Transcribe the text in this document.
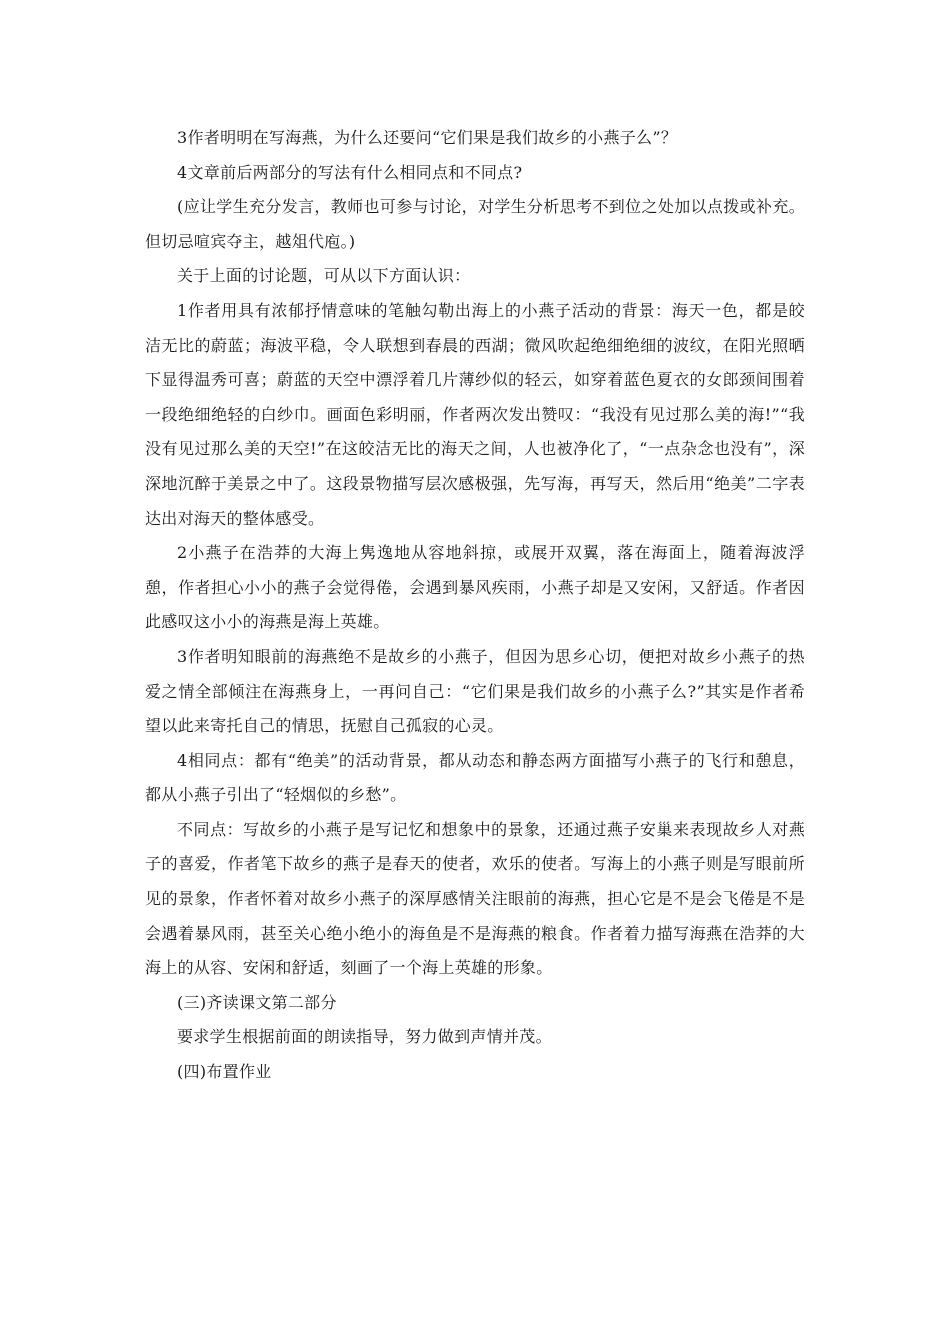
3作者明明在写海燕，为什么还要问“它们果是我们故乡的小燕子么”？

4文章前后两部分的写法有什么相同点和不同点?

(应让学生充分发言，教师也可参与讨论，对学生分析思考不到位之处加以点拨或补充。但切忌喧宾夺主，越俎代庖。)

关于上面的讨论题，可从以下方面认识：

1作者用具有浓郁抒情意味的笔触勾勒出海上的小燕子活动的背景：海天一色，都是皎洁无比的蔚蓝；海波平稳，令人联想到春晨的西湖；微风吹起绝细绝细的波纹，在阳光照晒下显得温秀可喜；蔚蓝的天空中漂浮着几片薄纱似的轻云，如穿着蓝色夏衣的女郎颈间围着一段绝细绝轻的白纱巾。画面色彩明丽，作者两次发出赞叹：“我没有见过那么美的海!”“我没有见过那么美的天空!”在这皎洁无比的海天之间，人也被净化了，“一点杂念也没有”，深深地沉醉于美景之中了。这段景物描写层次感极强，先写海，再写天，然后用“绝美”二字表达出对海天的整体感受。

2小燕子在浩莽的大海上隽逸地从容地斜掠，或展开双翼，落在海面上，随着海波浮憩，作者担心小小的燕子会觉得倦，会遇到暴风疾雨，小燕子却是又安闲，又舒适。作者因此感叹这小小的海燕是海上英雄。

3作者明知眼前的海燕绝不是故乡的小燕子，但因为思乡心切，便把对故乡小燕子的热爱之情全部倾注在海燕身上，一再问自己：“它们果是我们故乡的小燕子么?”其实是作者希望以此来寄托自己的情思，抚慰自己孤寂的心灵。

4相同点：都有“绝美”的活动背景，都从动态和静态两方面描写小燕子的飞行和憩息，都从小燕子引出了“轻烟似的乡愁”。

不同点：写故乡的小燕子是写记忆和想象中的景象，还通过燕子安巢来表现故乡人对燕子的喜爱，作者笔下故乡的燕子是春天的使者，欢乐的使者。写海上的小燕子则是写眼前所见的景象，作者怀着对故乡小燕子的深厚感情关注眼前的海燕，担心它是不是会飞倦是不是会遇着暴风雨，甚至关心绝小绝小的海鱼是不是海燕的粮食。作者着力描写海燕在浩莽的大海上的从容、安闲和舒适，刻画了一个海上英雄的形象。

(三)齐读课文第二部分

要求学生根据前面的朗读指导，努力做到声情并茂。

(四)布置作业
